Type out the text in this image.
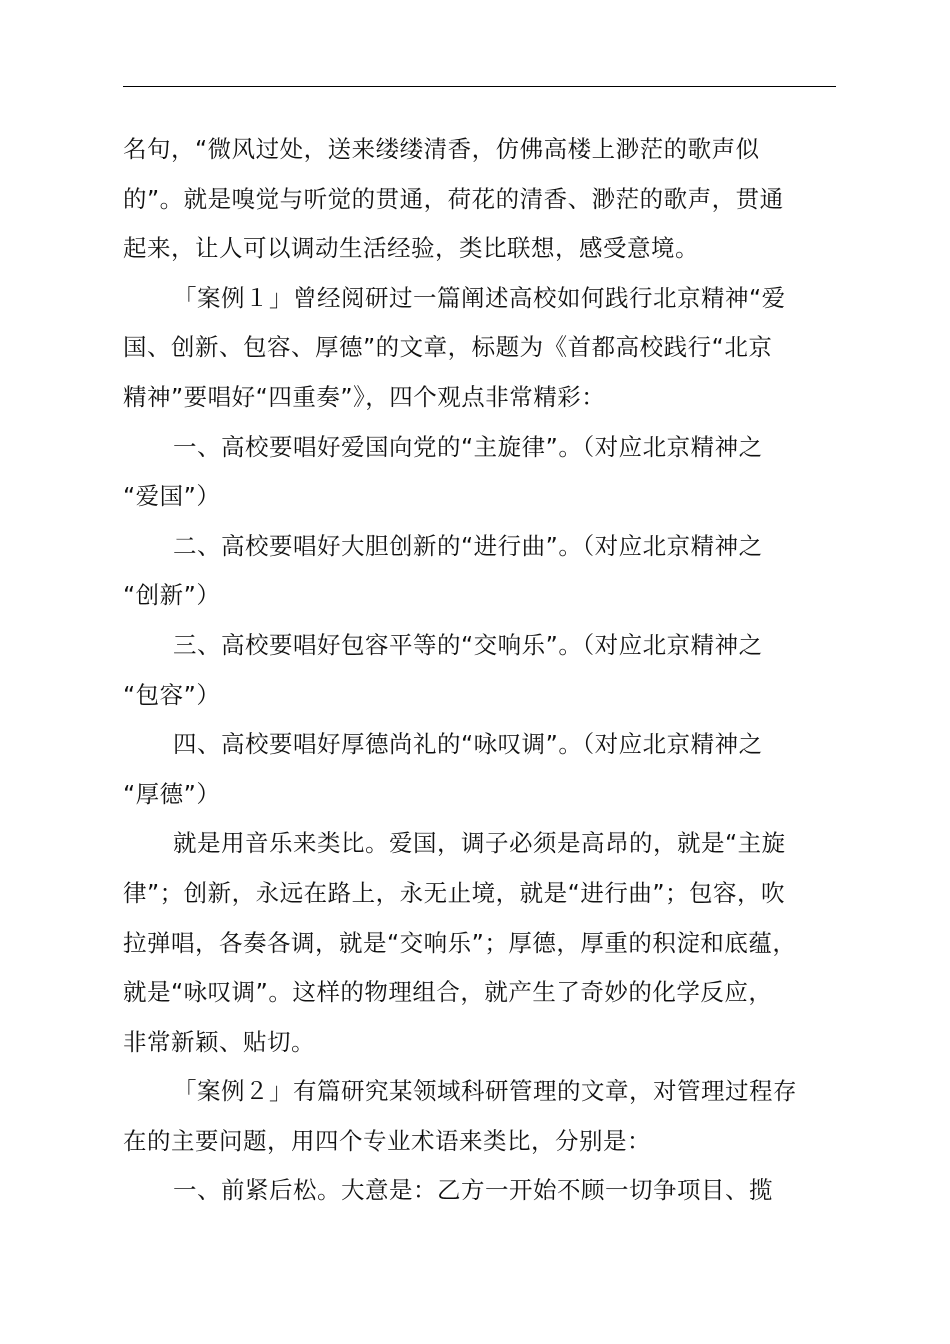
名句，“微风过处，送来缕缕清香，仿佛高楼上渺茫的歌声似
的”。就是嗅觉与听觉的贯通，荷花的清香、渺茫的歌声，贯通
起来，让人可以调动生活经验，类比联想，感受意境。
「案例１」曾经阅研过一篇阐述高校如何践行北京精神“爱
国、创新、包容、厚德”的文章，标题为《首都高校践行“北京
精神”要唱好“四重奏”》，四个观点非常精彩：
一、高校要唱好爱国向党的“主旋律”。（对应北京精神之
“爱国”）
二、高校要唱好大胆创新的“进行曲”。（对应北京精神之
“创新”）
三、高校要唱好包容平等的“交响乐”。（对应北京精神之
“包容”）
四、高校要唱好厚德尚礼的“咏叹调”。（对应北京精神之
“厚德”）
就是用音乐来类比。爱国，调子必须是高昂的，就是“主旋
律”；创新，永远在路上，永无止境，就是“进行曲”；包容，吹
拉弹唱，各奏各调，就是“交响乐”；厚德，厚重的积淀和底蕴，
就是“咏叹调”。这样的物理组合，就产生了奇妙的化学反应，
非常新颖、贴切。
「案例２」有篇研究某领域科研管理的文章，对管理过程存
在的主要问题，用四个专业术语来类比，分别是：
一、前紧后松。大意是：乙方一开始不顾一切争项目、揽
